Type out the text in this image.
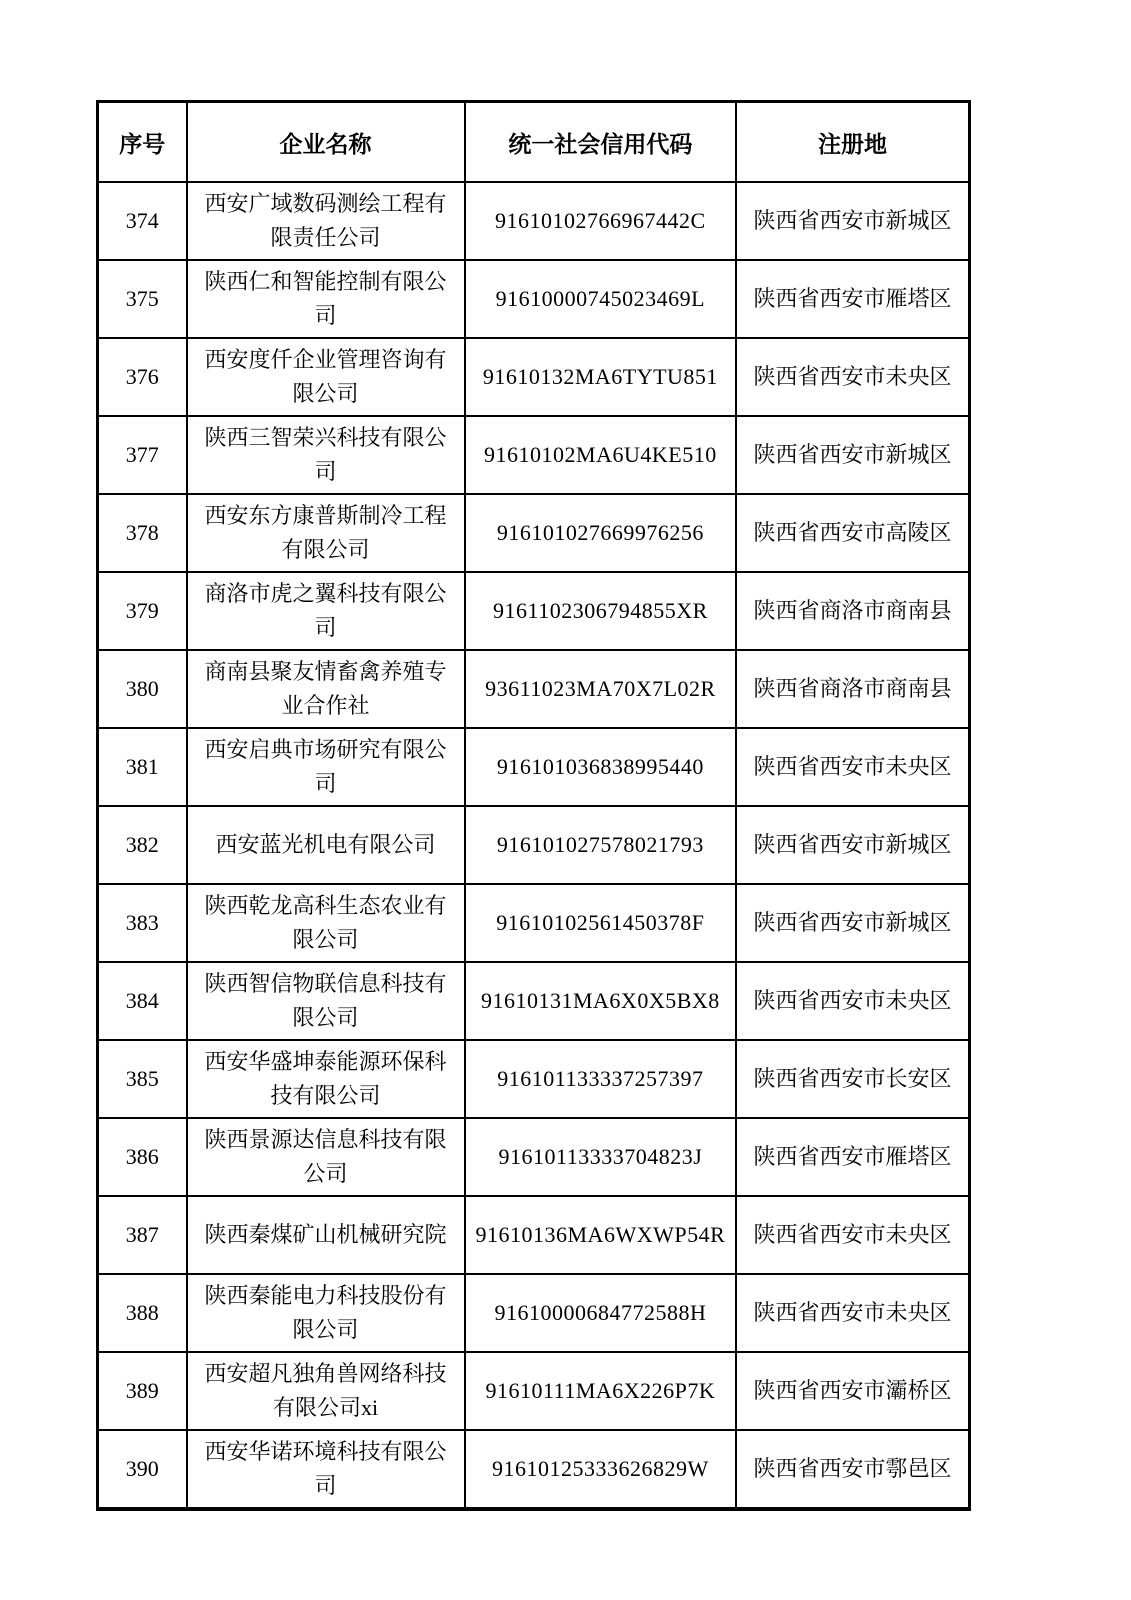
序号	企业名称	统一社会信用代码	注册地
374	西安广域数码测绘工程有限责任公司	91610102766967442C	陕西省西安市新城区
375	陕西仁和智能控制有限公司	91610000745023469L	陕西省西安市雁塔区
376	西安度仟企业管理咨询有限公司	91610132MA6TYTU851	陕西省西安市未央区
377	陕西三智荣兴科技有限公司	91610102MA6U4KE510	陕西省西安市新城区
378	西安东方康普斯制冷工程有限公司	916101027669976256	陕西省西安市高陵区
379	商洛市虎之翼科技有限公司	9161102306794855XR	陕西省商洛市商南县
380	商南县聚友情畜禽养殖专业合作社	93611023MA70X7L02R	陕西省商洛市商南县
381	西安启典市场研究有限公司	916101036838995440	陕西省西安市未央区
382	西安蓝光机电有限公司	916101027578021793	陕西省西安市新城区
383	陕西乾龙高科生态农业有限公司	91610102561450378F	陕西省西安市新城区
384	陕西智信物联信息科技有限公司	91610131MA6X0X5BX8	陕西省西安市未央区
385	西安华盛坤泰能源环保科技有限公司	916101133337257397	陕西省西安市长安区
386	陕西景源达信息科技有限公司	91610113333704823J	陕西省西安市雁塔区
387	陕西秦煤矿山机械研究院	91610136MA6WXWP54R	陕西省西安市未央区
388	陕西秦能电力科技股份有限公司	91610000684772588H	陕西省西安市未央区
389	西安超凡独角兽网络科技有限公司xi	91610111MA6X226P7K	陕西省西安市灞桥区
390	西安华诺环境科技有限公司	91610125333626829W	陕西省西安市鄠邑区
